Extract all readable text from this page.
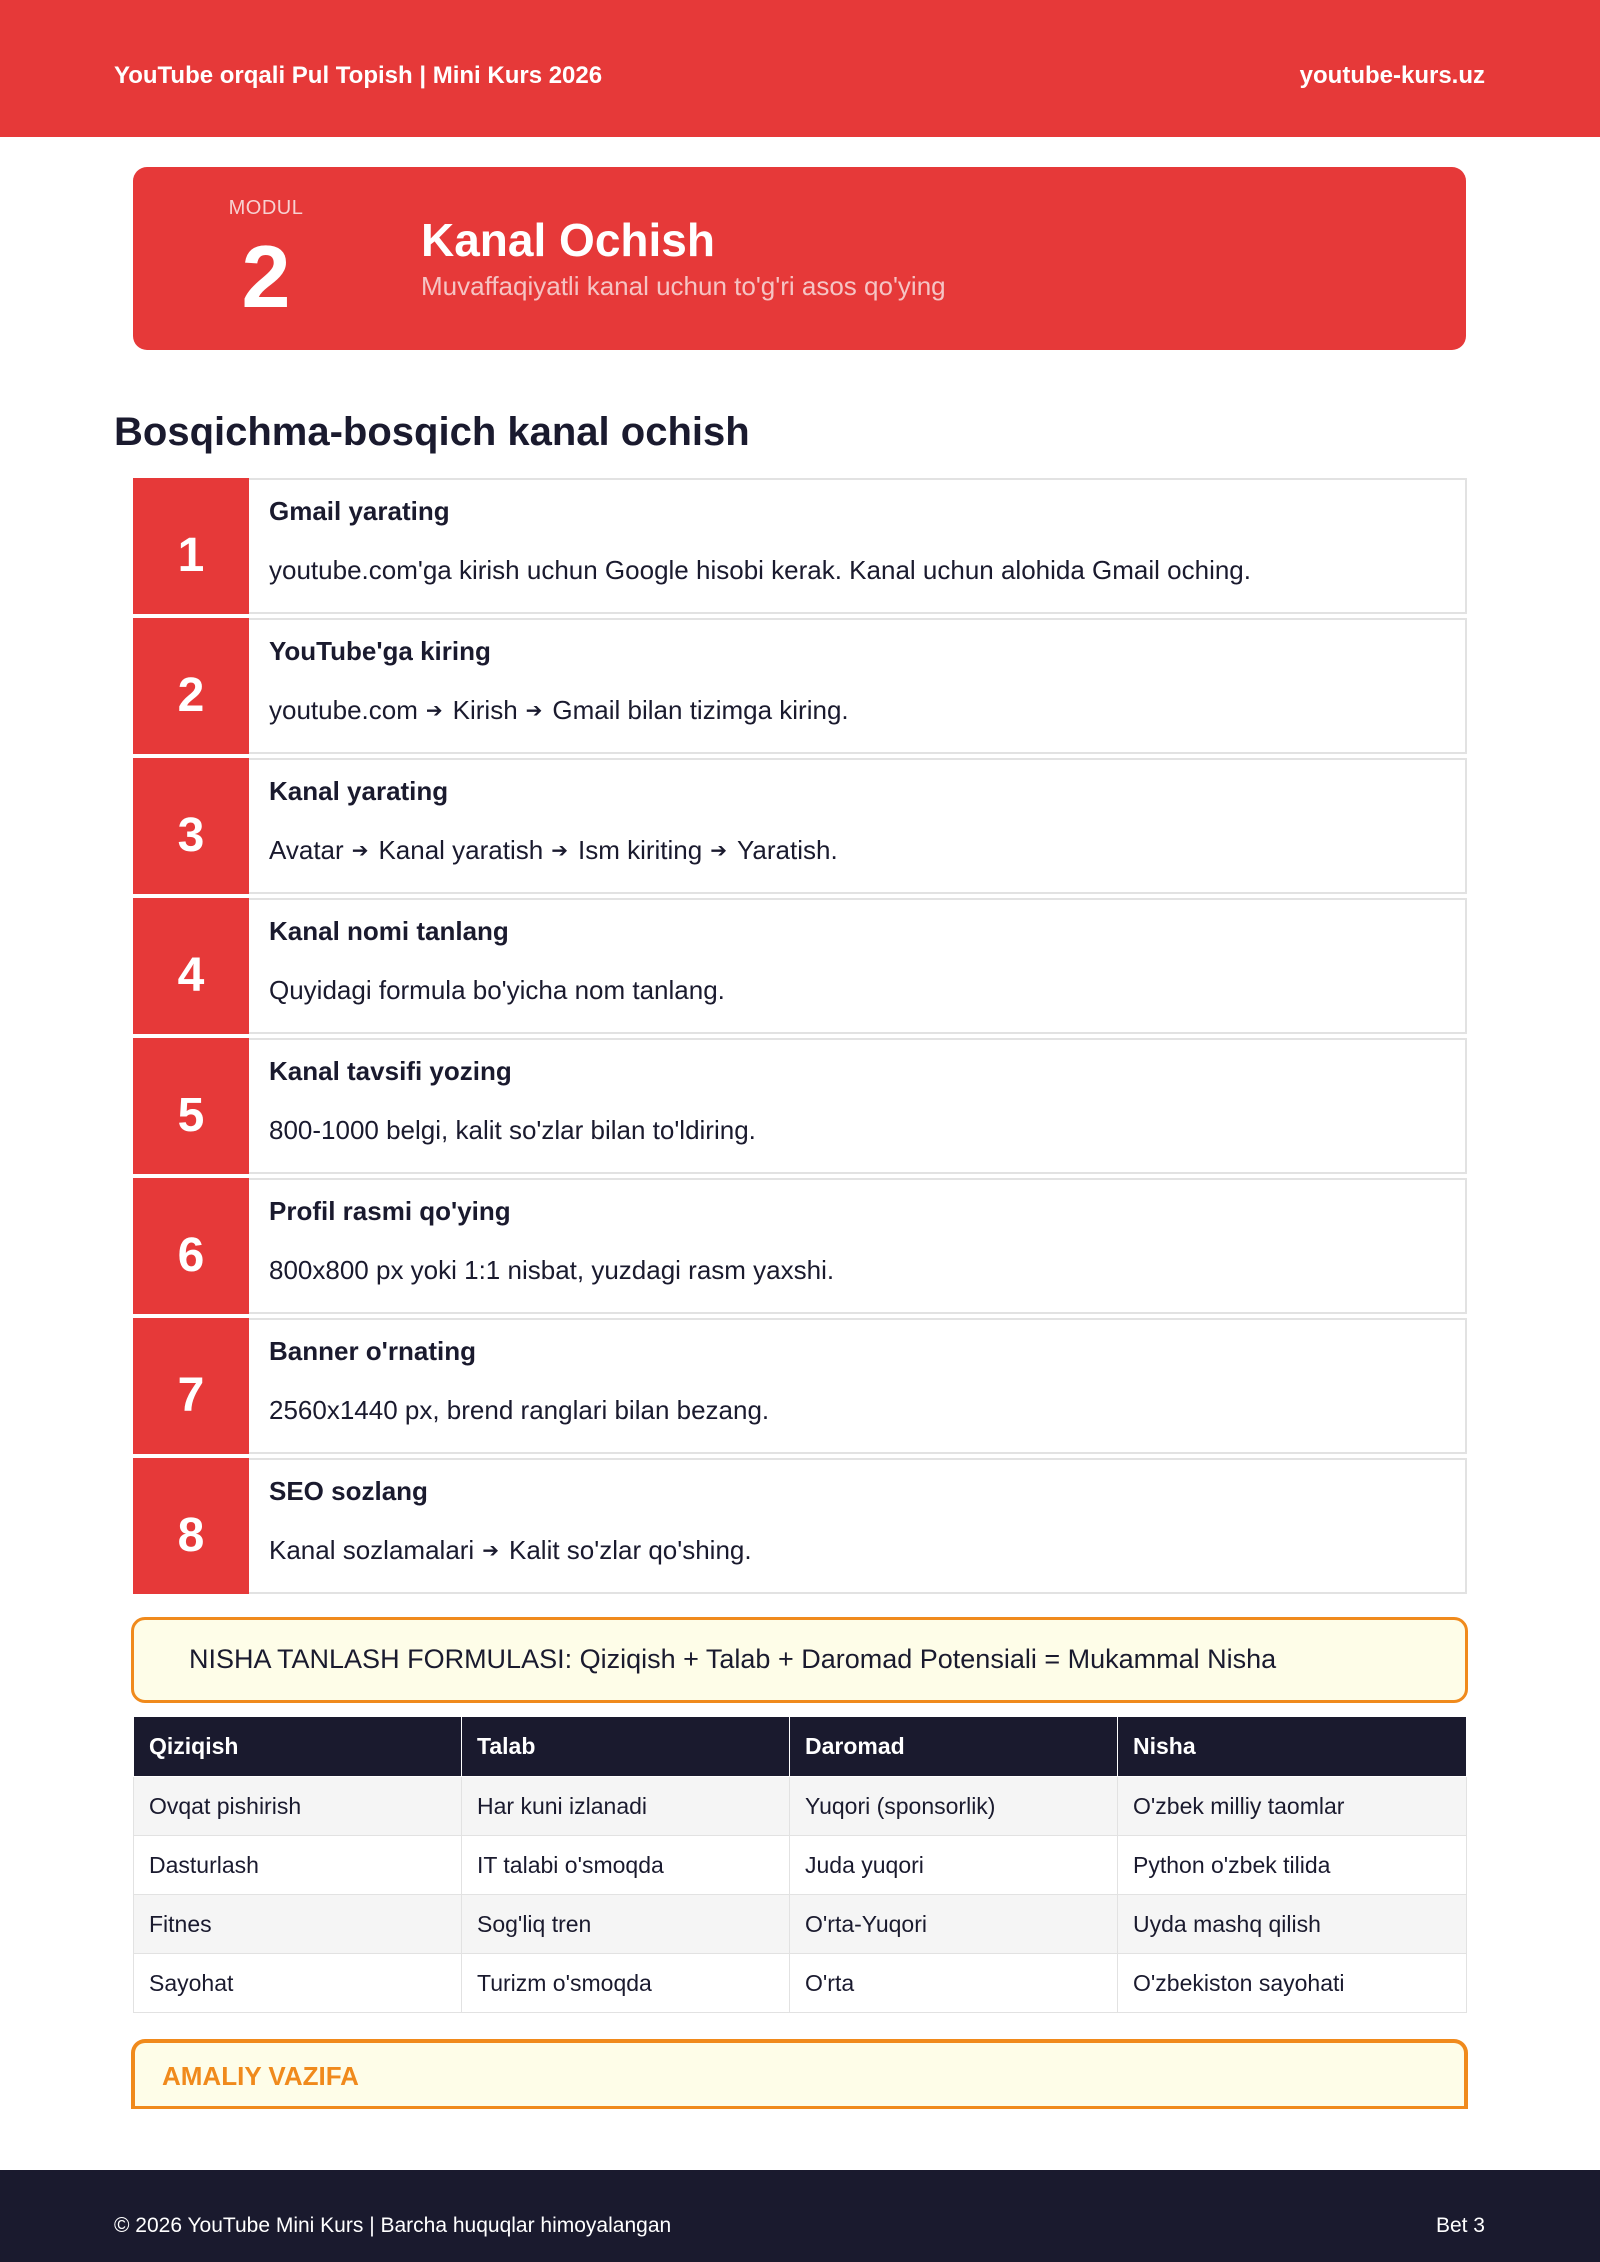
YouTube orqali Pul Topish | Mini Kurs 2026	youtube-kurs.uz
MODUL
2	Kanal Ochish
Muvaffaqiyatli kanal uchun to'g'ri asos qo'ying
Bosqichma-bosqich kanal ochish
1
Gmail yarating
youtube.com'ga kirish uchun Google hisobi kerak. Kanal uchun alohida Gmail oching.
2
YouTube'ga kiring
youtube.com ➔ Kirish ➔ Gmail bilan tizimga kiring.
3
Kanal yarating
Avatar ➔ Kanal yaratish ➔ Ism kiriting ➔ Yaratish.
4
Kanal nomi tanlang
Quyidagi formula bo'yicha nom tanlang.
5
Kanal tavsifi yozing
800-1000 belgi, kalit so'zlar bilan to'ldiring.
6
Profil rasmi qo'ying
800x800 px yoki 1:1 nisbat, yuzdagi rasm yaxshi.
7
Banner o'rnating
2560x1440 px, brend ranglari bilan bezang.
8
SEO sozlang
Kanal sozlamalari ➔ Kalit so'zlar qo'shing.
NISHA TANLASH FORMULASI: Qiziqish + Talab + Daromad Potensiali = Mukammal Nisha
Qiziqish	Talab	Daromad	Nisha
Ovqat pishirish	Har kuni izlanadi	Yuqori (sponsorlik)	O'zbek milliy taomlar
Dasturlash	IT talabi o'smoqda	Juda yuqori	Python o'zbek tilida
Fitnes	Sog'liq tren	O'rta-Yuqori	Uyda mashq qilish
Sayohat	Turizm o'smoqda	O'rta	O'zbekiston sayohati
AMALIY VAZIFA
© 2026 YouTube Mini Kurs | Barcha huquqlar himoyalangan	Bet 3
